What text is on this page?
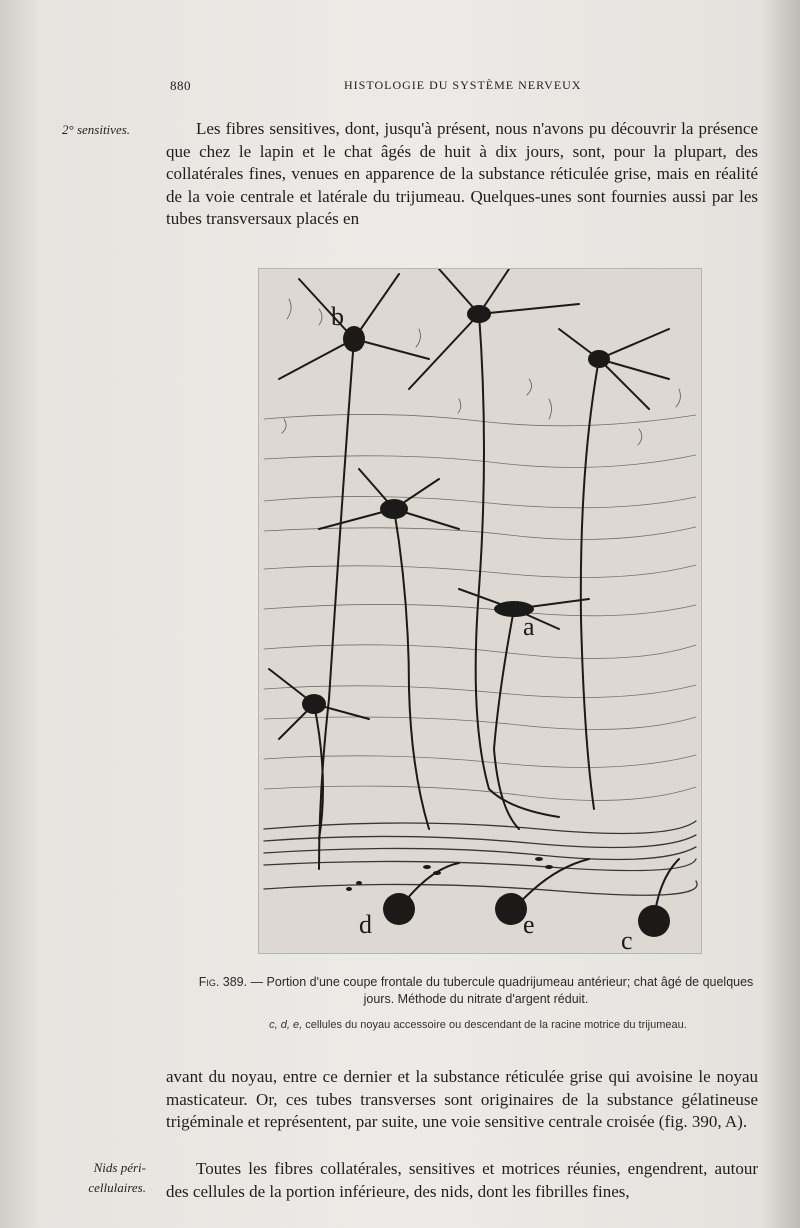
880	HISTOLOGIE DU SYSTÈME NERVEUX
2° sensitives.	Les fibres sensitives, dont, jusqu'à présent, nous n'avons pu découvrir la présence que chez le lapin et le chat âgés de huit à dix jours, sont, pour la plupart, des collatérales fines, venues en apparence de la substance réticulée grise, mais en réalité de la voie centrale et latérale du trijumeau. Quelques-unes sont fournies aussi par les tubes transversaux placés en

b
a
d	e
c
Fig. 389. — Portion d'une coupe frontale du tubercule quadrijumeau antérieur; chat âgé de quelques jours. Méthode du nitrate d'argent réduit.
c, d, e, cellules du noyau accessoire ou descendant de la racine motrice du trijumeau.

avant du noyau, entre ce dernier et la substance réticulée grise qui avoisine le noyau masticateur. Or, ces tubes transverses sont originaires de la substance gélatineuse trigéminale et représentent, par suite, une voie sensitive centrale croisée (fig. 390, A).

Nids péri-
cellulaires.

Toutes les fibres collatérales, sensitives et motrices réunies, engendrent, autour des cellules de la portion inférieure, des nids, dont les fibrilles fines,
